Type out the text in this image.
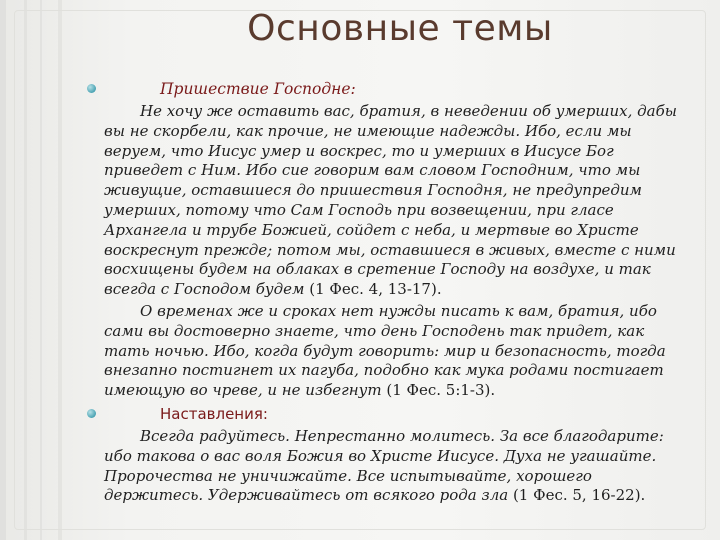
Основные темы
Пришествие Господне:
Не хочу же оставить вас, братия, в неведении об умерших, дабы
вы не скорбели, как прочие, не имеющие надежды. Ибо, если мы
веруем, что Иисус умер и воскрес, то и умерших в Иисусе Бог
приведет с Ним. Ибо сие говорим вам словом Господним, что мы
живущие, оставшиеся до пришествия Господня, не предупредим
умерших, потому что Сам Господь при возвещении, при гласе
Архангела и трубе Божией, сойдет с неба, и мертвые во Христе
воскреснут прежде; потом мы, оставшиеся в живых, вместе с ними
восхищены будем на облаках в сретение Господу на воздухе, и так
всегда с Господом будем (1 Фес. 4, 13-17).
О временах же и сроках нет нужды писать к вам, братия, ибо
сами вы достоверно знаете, что день Господень так придет, как
тать ночью. Ибо, когда будут говорить: мир и безопасность, тогда
внезапно постигнет их пагуба, подобно как мука родами постигает
имеющую во чреве, и не избегнут (1 Фес. 5:1-3).
Наставления:
Всегда радуйтесь. Непрестанно молитесь. За все благодарите:
ибо такова о вас воля Божия во Христе Иисусе. Духа не угашайте.
Пророчества не уничижайте. Все испытывайте, хорошего
держитесь. Удерживайтесь от всякого рода зла (1 Фес. 5, 16-22).
